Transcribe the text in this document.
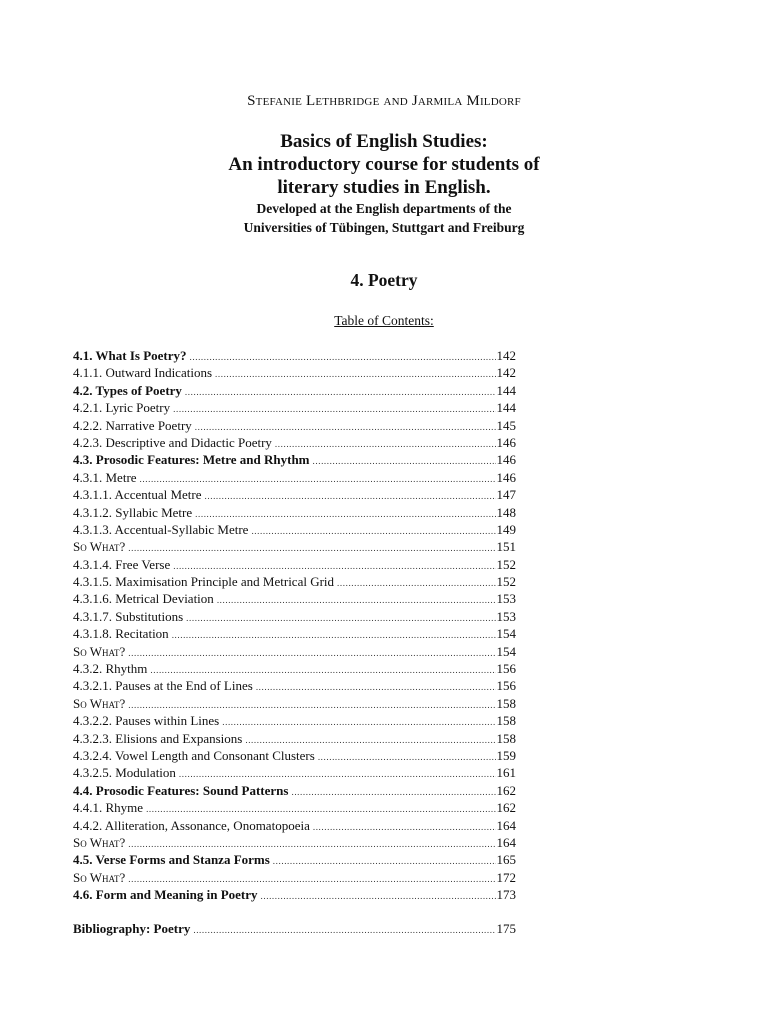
Stefanie Lethbridge and Jarmila Mildorf
Basics of English Studies:
An introductory course for students of
literary studies in English.
Developed at the English departments of the
Universities of Tübingen, Stuttgart and Freiburg
4. Poetry
Table of Contents:
4.1. What Is Poetry? .....	142
4.1.1. Outward Indications .....	142
4.2. Types of Poetry .....	144
4.2.1. Lyric Poetry .....	144
4.2.2. Narrative Poetry .....	145
4.2.3. Descriptive and Didactic Poetry .....	146
4.3. Prosodic Features: Metre and Rhythm .....	146
4.3.1. Metre .....	146
4.3.1.1. Accentual Metre .....	147
4.3.1.2. Syllabic Metre .....	148
4.3.1.3. Accentual-Syllabic Metre .....	149
So What? .....	151
4.3.1.4. Free Verse .....	152
4.3.1.5. Maximisation Principle and Metrical Grid .....	152
4.3.1.6. Metrical Deviation .....	153
4.3.1.7. Substitutions .....	153
4.3.1.8. Recitation .....	154
So What? .....	154
4.3.2. Rhythm .....	156
4.3.2.1. Pauses at the End of Lines .....	156
So What? .....	158
4.3.2.2. Pauses within Lines .....	158
4.3.2.3. Elisions and Expansions .....	158
4.3.2.4. Vowel Length and Consonant Clusters .....	159
4.3.2.5. Modulation .....	161
4.4. Prosodic Features: Sound Patterns .....	162
4.4.1. Rhyme .....	162
4.4.2. Alliteration, Assonance, Onomatopoeia .....	164
So What? .....	164
4.5. Verse Forms and Stanza Forms .....	165
So What? .....	172
4.6. Form and Meaning in Poetry .....	173
Bibliography: Poetry .....	175
